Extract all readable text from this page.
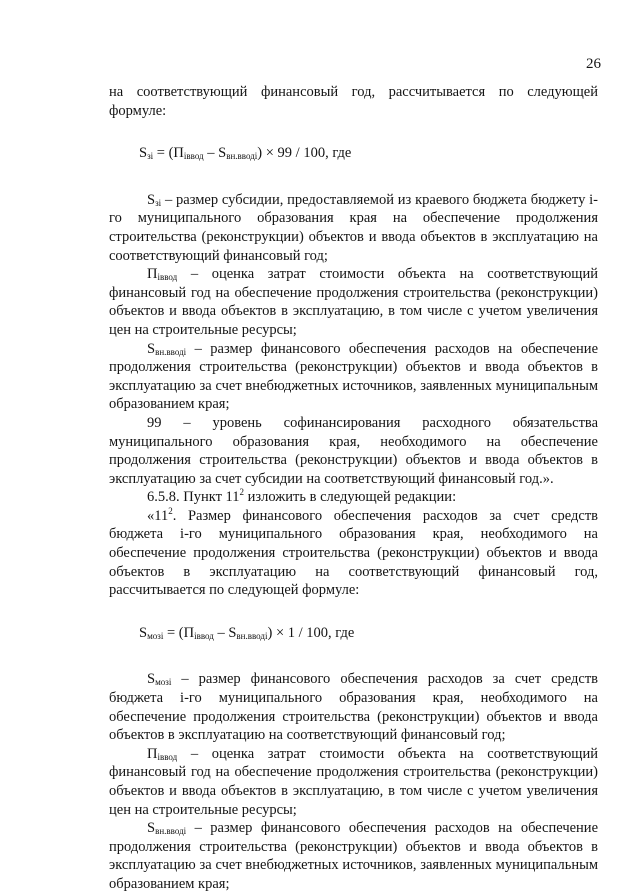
26

на соответствующий финансовый год, рассчитывается по следующей формуле:

$S_{зi} = (П_{iввод} - S_{вн.вводi}) \times 99 / 100$, где

$S_{зi}$ – размер субсидии, предоставляемой из краевого бюджета бюджету i-го муниципального образования края на обеспечение продолжения строительства (реконструкции) объектов и ввода объектов в эксплуатацию на соответствующий финансовый год;

$П_{iввод}$ – оценка затрат стоимости объекта на соответствующий финансовый год на обеспечение продолжения строительства (реконструкции) объектов и ввода объектов в эксплуатацию, в том числе с учетом увеличения цен на строительные ресурсы;

$S_{вн.вводi}$ – размер финансового обеспечения расходов на обеспечение продолжения строительства (реконструкции) объектов и ввода объектов в эксплуатацию за счет внебюджетных источников, заявленных муниципальным образованием края;

99 – уровень софинансирования расходного обязательства муниципального образования края, необходимого на обеспечение продолжения строительства (реконструкции) объектов и ввода объектов в эксплуатацию за счет субсидии на соответствующий финансовый год.».

6.5.8. Пункт $11^2$ изложить в следующей редакции:

«$11^2$. Размер финансового обеспечения расходов за счет средств бюджета i-го муниципального образования края, необходимого на обеспечение продолжения строительства (реконструкции) объектов и ввода объектов в эксплуатацию на соответствующий финансовый год, рассчитывается по следующей формуле:

$S_{мозi} = (П_{iввод} - S_{вн.вводi}) \times 1 / 100$, где

$S_{мозi}$ – размер финансового обеспечения расходов за счет средств бюджета i-го муниципального образования края, необходимого на обеспечение продолжения строительства (реконструкции) объектов и ввода объектов в эксплуатацию на соответствующий финансовый год;

$П_{iввод}$ – оценка затрат стоимости объекта на соответствующий финансовый год на обеспечение продолжения строительства (реконструкции) объектов и ввода объектов в эксплуатацию, в том числе с учетом увеличения цен на строительные ресурсы;

$S_{вн.вводi}$ – размер финансового обеспечения расходов на обеспечение продолжения строительства (реконструкции) объектов и ввода объектов в эксплуатацию за счет внебюджетных источников, заявленных муниципальным образованием края;
